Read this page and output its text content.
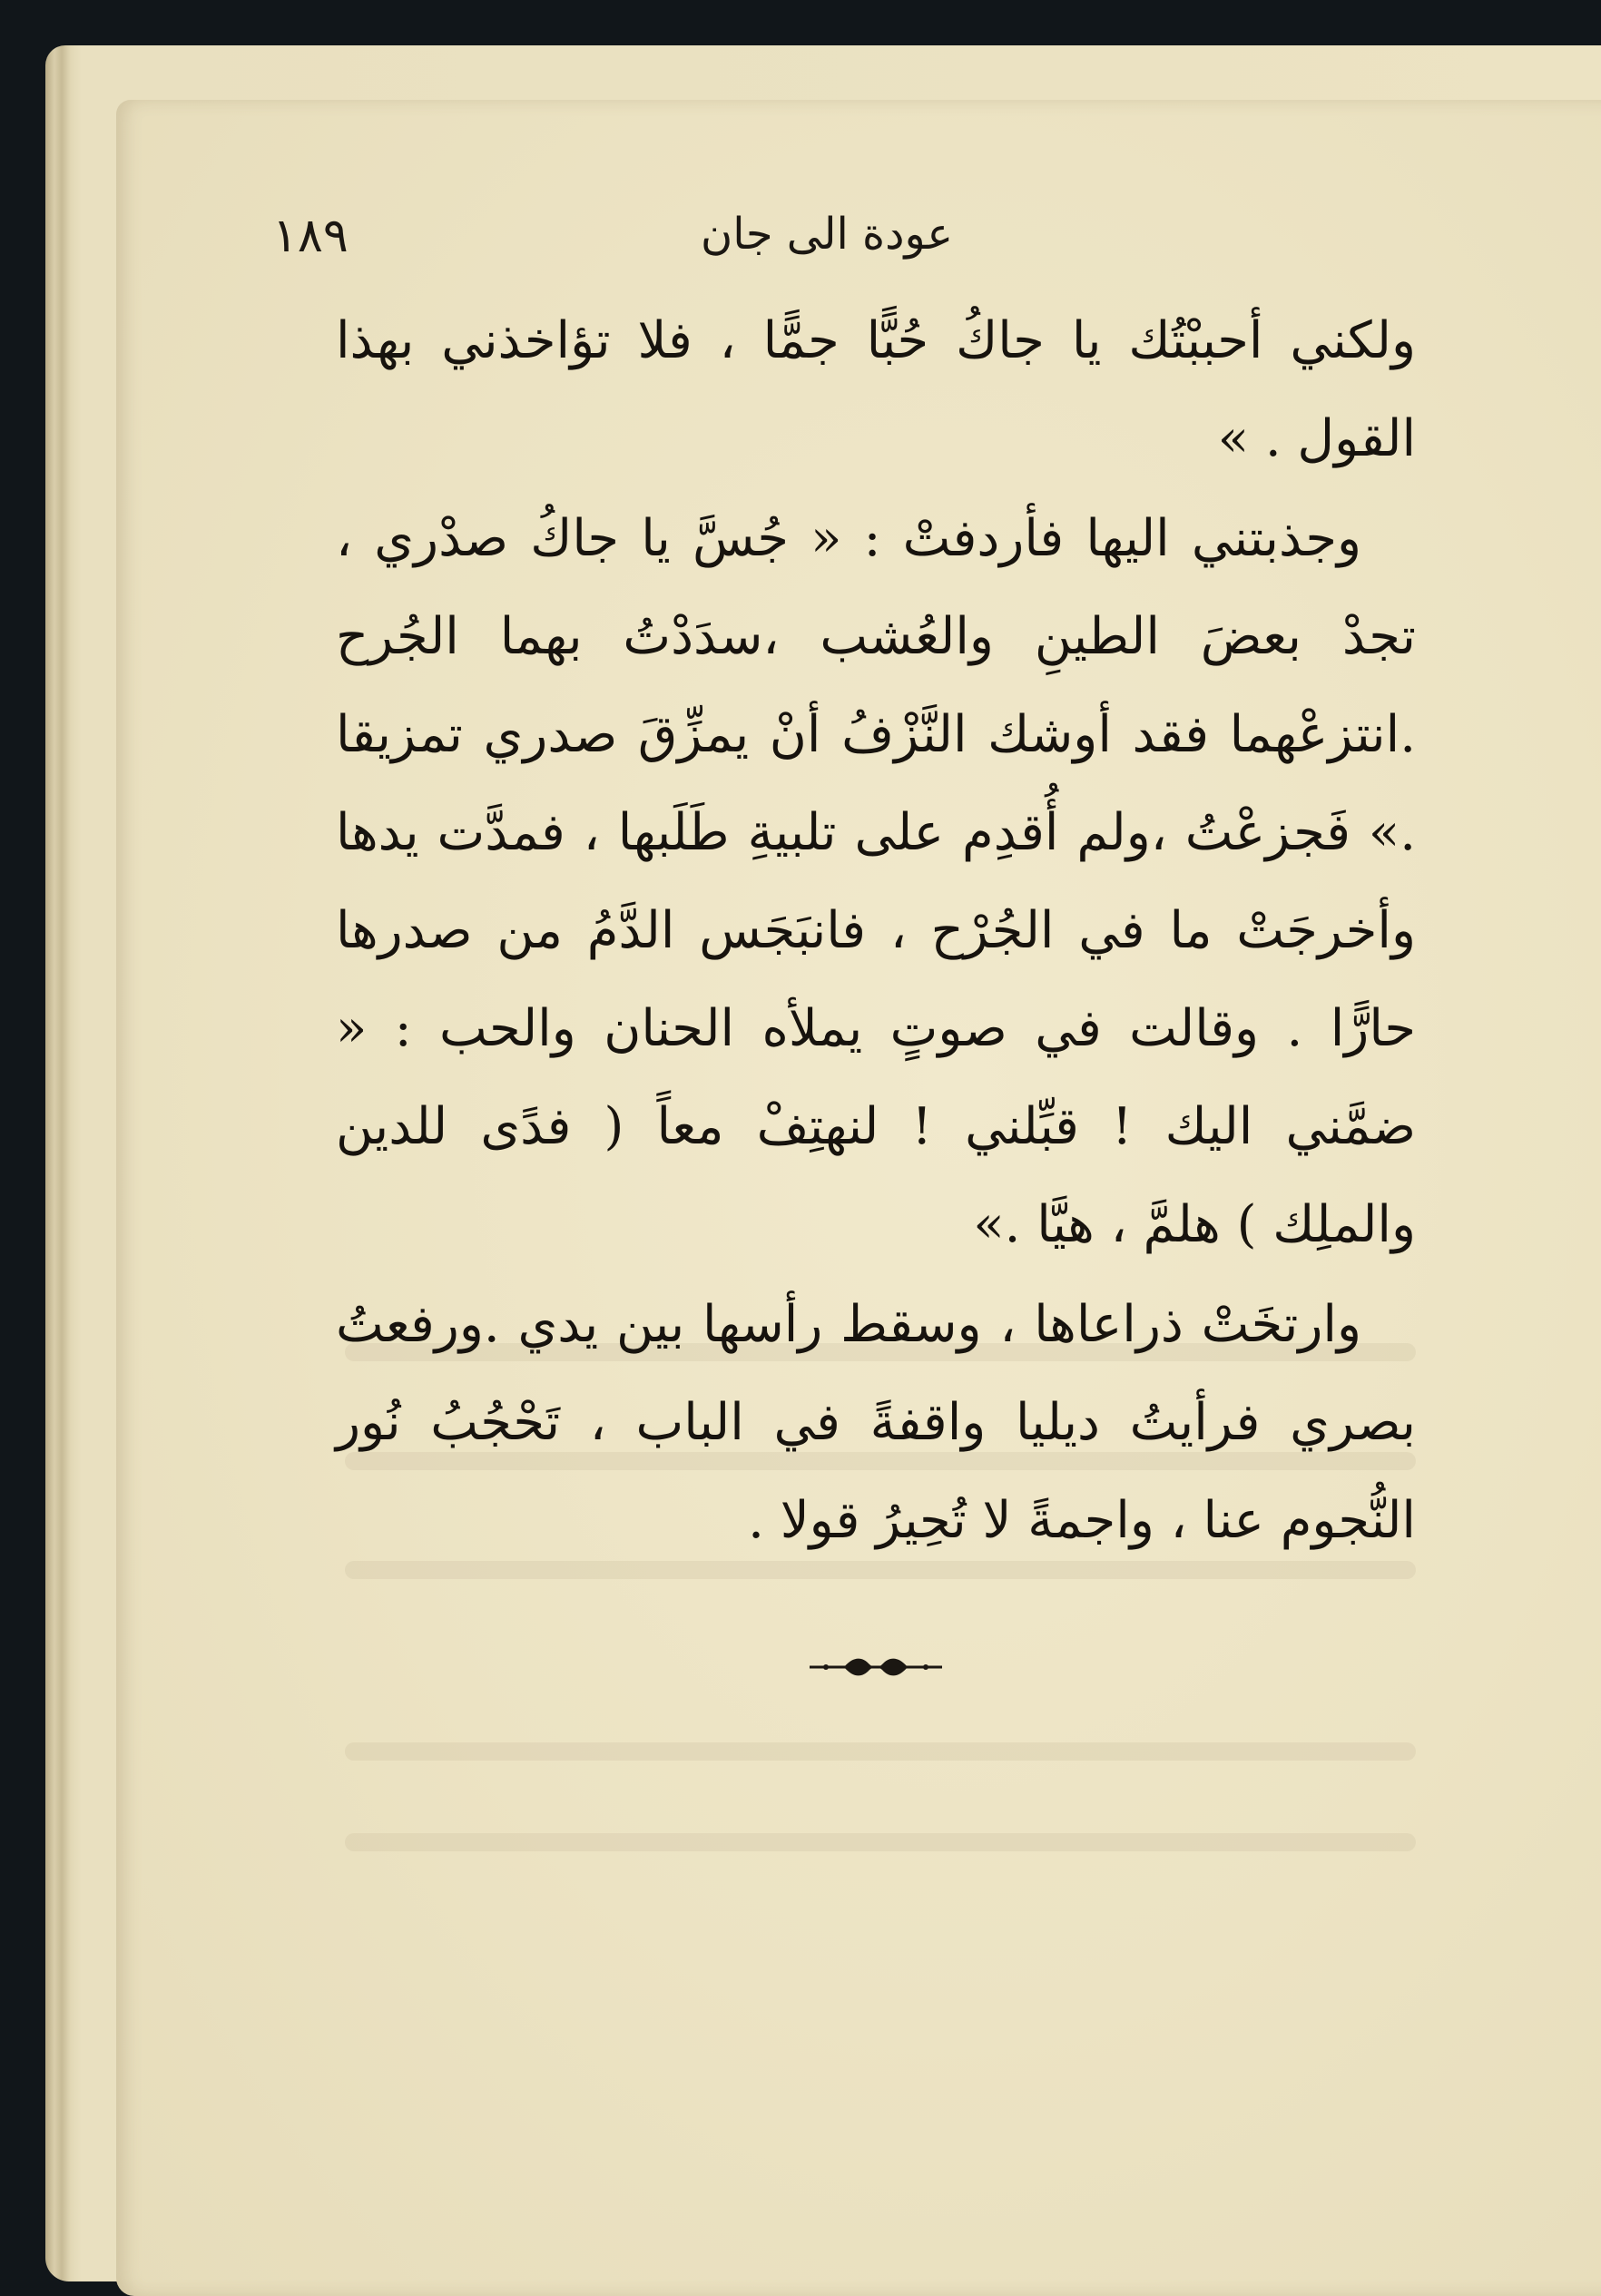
عودة الى جان
١٨٩

ولكني أحببْتُك يا جاكُ حُبًّا جمًّا ، فلا تؤاخذني بهذا القول . »

وجذبتني اليها فأردفتْ : « جُسَّ يا جاكُ صدْري ، تجدْ بعضَ الطينِ والعُشب ،سدَدْتُ بهما الجُرح .انتزعْهما فقد أوشك النَّزْفُ أنْ يمزِّقَ صدري تمزيقا .» فَجزعْتُ ،ولم أُقدِم على تلبيةِ طَلَبها ، فمدَّت يدها وأخرجَتْ ما في الجُرْح ، فانبَجَس الدَّمُ من صدرها حارًّا . وقالت في صوتٍ يملأه الحنان والحب : « ضمَّني اليك ! قبِّلني ! لنهتِفْ معاً ( فدًى للدين والملِك ) هلمَّ ، هيَّا .»

وارتخَتْ ذراعاها ، وسقط رأسها بين يدي .ورفعتُ بصري فرأيتُ ديليا واقفةً في الباب ، تَحْجُبُ نُور النُّجوم عنا ، واجمةً لا تُحِيرُ قولا .
